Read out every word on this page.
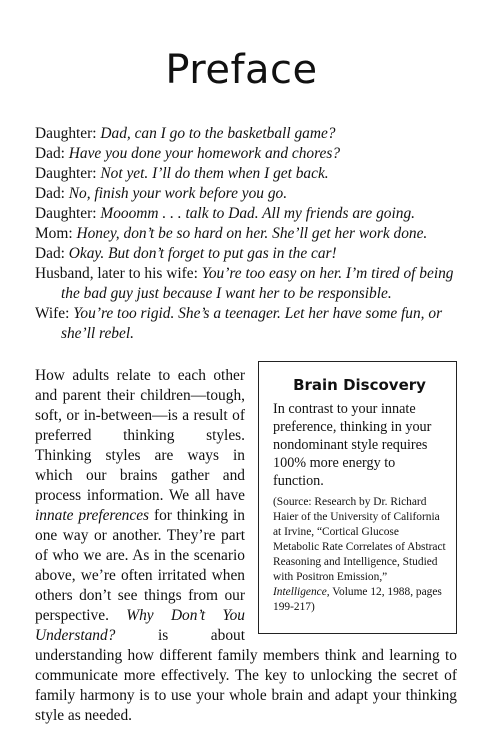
Preface

Daughter: Dad, can I go to the basketball game?

Dad: Have you done your homework and chores?

Daughter: Not yet. I’ll do them when I get back.

Dad: No, finish your work before you go.

Daughter: Mooomm . . . talk to Dad. All my friends are going.

Mom: Honey, don’t be so hard on her. She’ll get her work done.

Dad: Okay. But don’t forget to put gas in the car!

Husband, later to his wife: You’re too easy on her. I’m tired of being the bad guy just because I want her to be responsible.

Wife: You’re too rigid. She’s a teenager. Let her have some fun, or she’ll rebel.

How adults relate to each other and parent their children—tough, soft, or in-between—is a result of preferred thinking styles. Thinking styles are ways in which our brains gather and process information. We all have innate preferences for thinking in one way or another. They’re part of who we are. As in the scenario above, we’re often irritated when others don’t see things from our perspective. Why Don’t You Understand? is about understanding how different family members think and learning to communicate more effectively. The key to unlocking the secret of family harmony is to use your whole brain and adapt your thinking style as needed.

Brain Discovery

In contrast to your innate preference, thinking in your nondominant style requires 100% more energy to function.

(Source: Research by Dr. Richard Haier of the University of California at Irvine, “Cortical Glucose Metabolic Rate Correlates of Abstract Reasoning and Intelligence, Studied with Positron Emission,” Intelligence, Volume 12, 1988, pages 199-217)
